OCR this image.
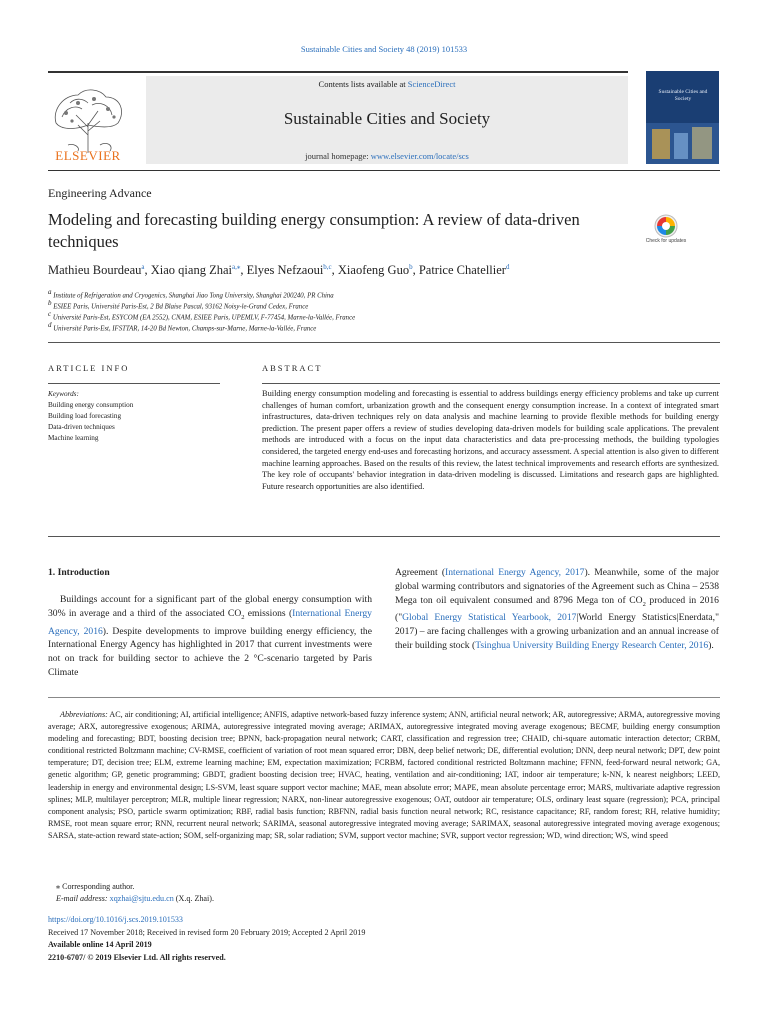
Sustainable Cities and Society 48 (2019) 101533
ELSEVIER
Contents lists available at ScienceDirect
Sustainable Cities and Society
journal homepage: www.elsevier.com/locate/scs
Sustainable Cities and Society
Engineering Advance
Modeling and forecasting building energy consumption: A review of data-driven techniques	Check for updates
Mathieu Bourdeau$^a$, Xiao qiang Zhai$^{a,⁎}$, Elyes Nefzaoui$^{b,c}$, Xiaofeng Guo$^b$, Patrice Chatellier$^d$
$^a$ Institute of Refrigeration and Cryogenics, Shanghai Jiao Tong University, Shanghai 200240, PR China
$^b$ ESIEE Paris, Université Paris-Est, 2 Bd Blaise Pascal, 93162 Noisy-le-Grand Cedex, France
$^c$ Université Paris-Est, ESYCOM (EA 2552), CNAM, ESIEE Paris, UPEMLV, F-77454, Marne-la-Vallée, France
$^d$ Université Paris-Est, IFSTTAR, 14-20 Bd Newton, Champs-sur-Marne, Marne-la-Vallée, France
ARTICLE INFO
Keywords:
Building energy consumption
Building load forecasting
Data-driven techniques
Machine learning
ABSTRACT
Building energy consumption modeling and forecasting is essential to address buildings energy efficiency problems and take up current challenges of human comfort, urbanization growth and the consequent energy consumption increase. In a context of integrated smart infrastructures, data-driven techniques rely on data analysis and machine learning to provide flexible methods for building energy prediction. The present paper offers a review of studies developing data-driven models for building scale applications. The prevalent methods are introduced with a focus on the input data characteristics and data pre-processing methods, the building typologies considered, the targeted energy end-uses and forecasting horizons, and accuracy assessment. A special attention is also given to different machine learning approaches. Based on the results of this review, the latest technical improvements and research efforts are synthesized. The key role of occupants' behavior integration in data-driven modeling is discussed. Limitations and research gaps are highlighted. Future research opportunities are also identified.
1. Introduction
Buildings account for a significant part of the global energy consumption with 30% in average and a third of the associated $CO_2$ emissions (International Energy Agency, 2016). Despite developments to improve building energy efficiency, the International Energy Agency has highlighted in 2017 that current investments were not on track for building sector to achieve the 2 °C-scenario targeted by Paris Climate
Agreement (International Energy Agency, 2017). Meanwhile, some of the major global warming contributors and signatories of the Agreement such as China – 2538 Mega ton oil equivalent consumed and 8796 Mega ton of $CO_2$ produced in 2016 ("Global Energy Statistical Yearbook, 2017|World Energy Statistics|Enerdata," 2017) – are facing challenges with a growing urbanization and an annual increase of their building stock (Tsinghua University Building Energy Research Center, 2016).
Abbreviations: AC, air conditioning; AI, artificial intelligence; ANFIS, adaptive network-based fuzzy inference system; ANN, artificial neural network; AR, autoregressive; ARMA, autoregressive moving average; ARX, autoregressive exogenous; ARIMA, autoregressive integrated moving average; ARIMAX, autoregressive integrated moving average exogenous; BECMF, building energy consumption modeling and forecasting; BDT, boosting decision tree; BPNN, back-propagation neural network; CART, classification and regression tree; CHAID, chi-square automatic interaction detector; CRBM, conditional restricted Boltzmann machine; CV-RMSE, coefficient of variation of root mean squared error; DBN, deep belief network; DE, differential evolution; DNN, deep neural network; DPT, dew point temperature; DT, decision tree; ELM, extreme learning machine; EM, expectation maximization; FCRBM, factored conditional restricted Boltzmann machine; FFNN, feed-forward neural network; GA, genetic algorithm; GP, genetic programming; GBDT, gradient boosting decision tree; HVAC, heating, ventilation and air-conditioning; IAT, indoor air temperature; k-NN, k nearest neighbors; LEED, leadership in energy and environmental design; LS-SVM, least square support vector machine; MAE, mean absolute error; MAPE, mean absolute percentage error; MARS, multivariate adaptive regression splines; MLP, multilayer perceptron; MLR, multiple linear regression; NARX, non-linear autoregressive exogenous; OAT, outdoor air temperature; OLS, ordinary least square (regression); PCA, principal component analysis; PSO, particle swarm optimization; RBF, radial basis function; RBFNN, radial basis function neural network; RC, resistance capacitance; RF, random forest; RH, relative humidity; RMSE, root mean square error; RNN, recurrent neural network; SARIMA, seasonal autoregressive integrated moving average; SARIMAX, seasonal autoregressive integrated moving average exogenous; SARSA, state-action reward state-action; SOM, self-organizing map; SR, solar radiation; SVM, support vector machine; SVR, support vector regression; WD, wind direction; WS, wind speed
⁎ Corresponding author.
E-mail address: xqzhai@sjtu.edu.cn (X.q. Zhai).
https://doi.org/10.1016/j.scs.2019.101533
Received 17 November 2018; Received in revised form 20 February 2019; Accepted 2 April 2019
Available online 14 April 2019
2210-6707/ © 2019 Elsevier Ltd. All rights reserved.
